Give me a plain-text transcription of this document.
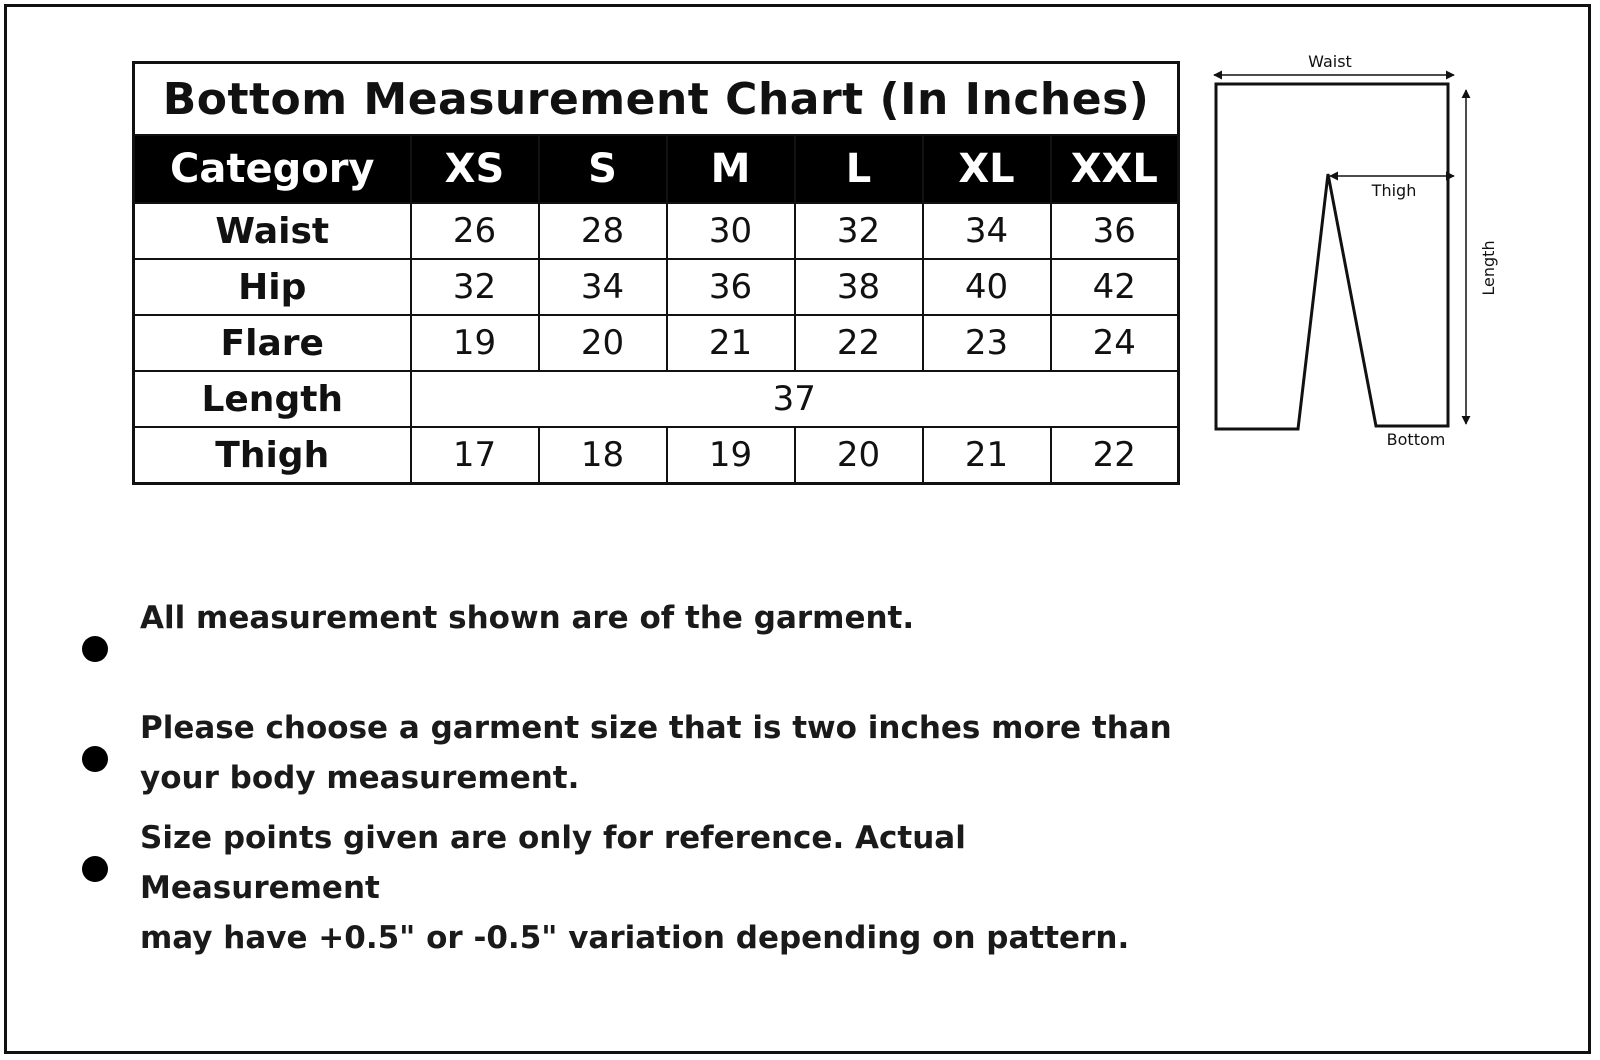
Bottom Measurement Chart (In Inches)						
Category	XS	S	M	L	XL	XXL
Waist	26	28	30	32	34	36
Hip	32	34	36	38	40	42
Flare	19	20	21	22	23	24
Length	37					
Thigh	17	18	19	20	21	22
Waist
Thigh
Length
Bottom
All measurement shown are of the garment.
Please choose a garment size that is two inches more than
your body measurement.
Size points given are only for reference. Actual Measurement
may have +0.5" or -0.5" variation depending on pattern.
